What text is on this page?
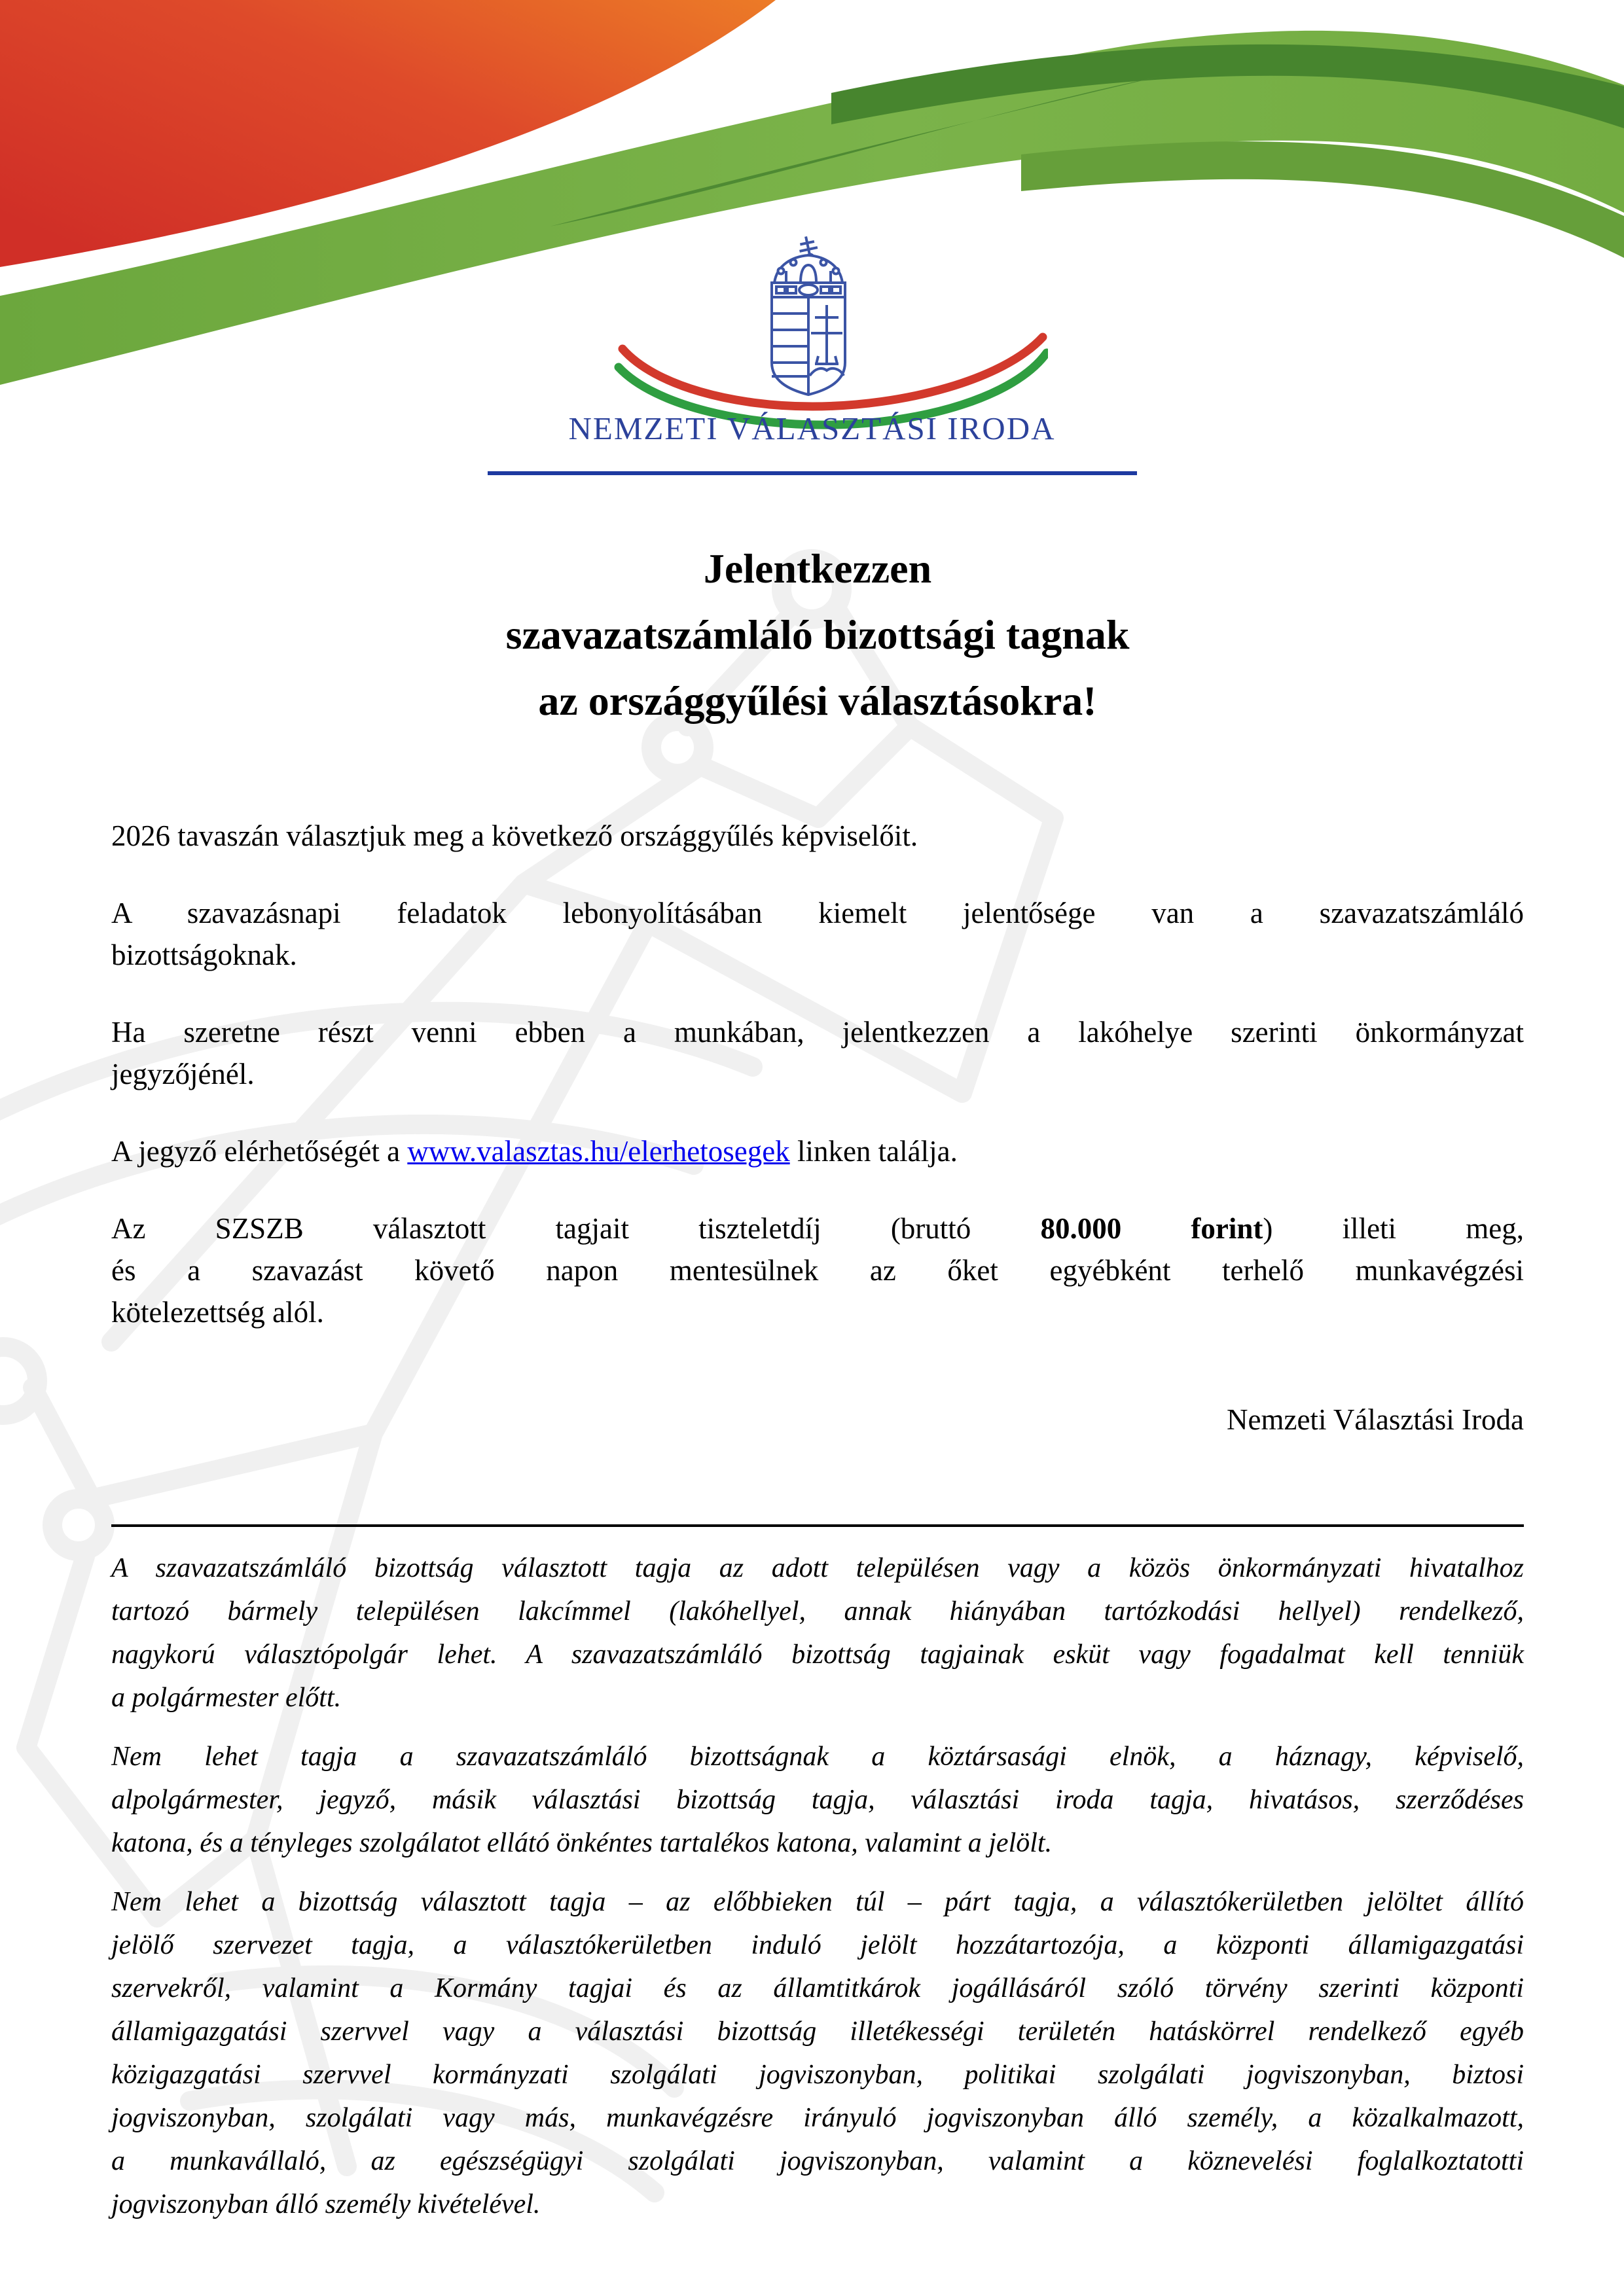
NEMZETI VÁLASZTÁSI IRODA
Jelentkezzen
szavazatszámláló bizottsági tagnak
az országgyűlési választásokra!
2026 tavaszán választjuk meg a következő országgyűlés képviselőit.
A szavazásnapi feladatok lebonyolításában kiemelt jelentősége van a szavazatszámláló
bizottságoknak.
Ha szeretne részt venni ebben a munkában, jelentkezzen a lakóhelye szerinti önkormányzat
jegyzőjénél.
A jegyző elérhetőségét a www.valasztas.hu/elerhetosegek linken találja.
Az SZSZB választott tagjait tiszteletdíj (bruttó 80.000 forint) illeti meg,
és a szavazást követő napon mentesülnek az őket egyébként terhelő munkavégzési
kötelezettség alól.
Nemzeti Választási Iroda
A szavazatszámláló bizottság választott tagja az adott településen vagy a közös önkormányzati hivatalhoz
tartozó bármely településen lakcímmel (lakóhellyel, annak hiányában tartózkodási hellyel) rendelkező,
nagykorú választópolgár lehet. A szavazatszámláló bizottság tagjainak esküt vagy fogadalmat kell tenniük
a polgármester előtt.
Nem lehet tagja a szavazatszámláló bizottságnak a köztársasági elnök, a háznagy, képviselő,
alpolgármester, jegyző, másik választási bizottság tagja, választási iroda tagja, hivatásos, szerződéses
katona, és a tényleges szolgálatot ellátó önkéntes tartalékos katona, valamint a jelölt.
Nem lehet a bizottság választott tagja – az előbbieken túl – párt tagja, a választókerületben jelöltet állító
jelölő szervezet tagja, a választókerületben induló jelölt hozzátartozója, a központi államigazgatási
szervekről, valamint a Kormány tagjai és az államtitkárok jogállásáról szóló törvény szerinti központi
államigazgatási szervvel vagy a választási bizottság illetékességi területén hatáskörrel rendelkező egyéb
közigazgatási szervvel kormányzati szolgálati jogviszonyban, politikai szolgálati jogviszonyban, biztosi
jogviszonyban, szolgálati vagy más, munkavégzésre irányuló jogviszonyban álló személy, a közalkalmazott,
a munkavállaló, az egészségügyi szolgálati jogviszonyban, valamint a köznevelési foglalkoztatotti
jogviszonyban álló személy kivételével.
